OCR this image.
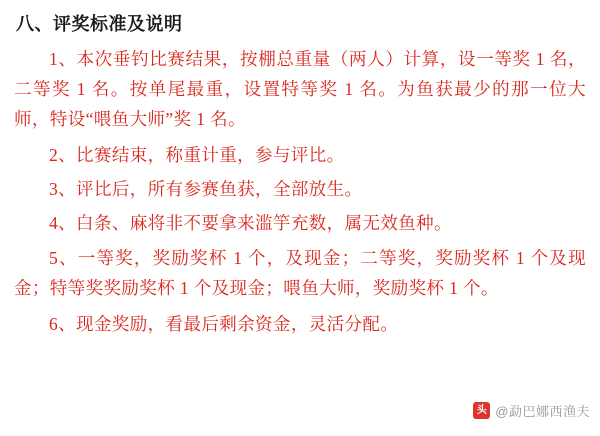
八、评奖标准及说明

1、本次垂钓比赛结果，按棚总重量（两人）计算，设一等奖 1 名，二等奖 1 名。按单尾最重，设置特等奖 1 名。为鱼获最少的那一位大师，特设“喂鱼大师”奖 1 名。

2、比赛结束，称重计重，参与评比。

3、评比后，所有参赛鱼获，全部放生。

4、白条、麻将非不要拿来滥竽充数，属无效鱼种。

5、一等奖，奖励奖杯 1 个，及现金；二等奖，奖励奖杯 1 个及现金；特等奖奖励奖杯 1 个及现金；喂鱼大师，奖励奖杯 1 个。

6、现金奖励，看最后剩余资金，灵活分配。

头条
@勐巴娜西渔夫
